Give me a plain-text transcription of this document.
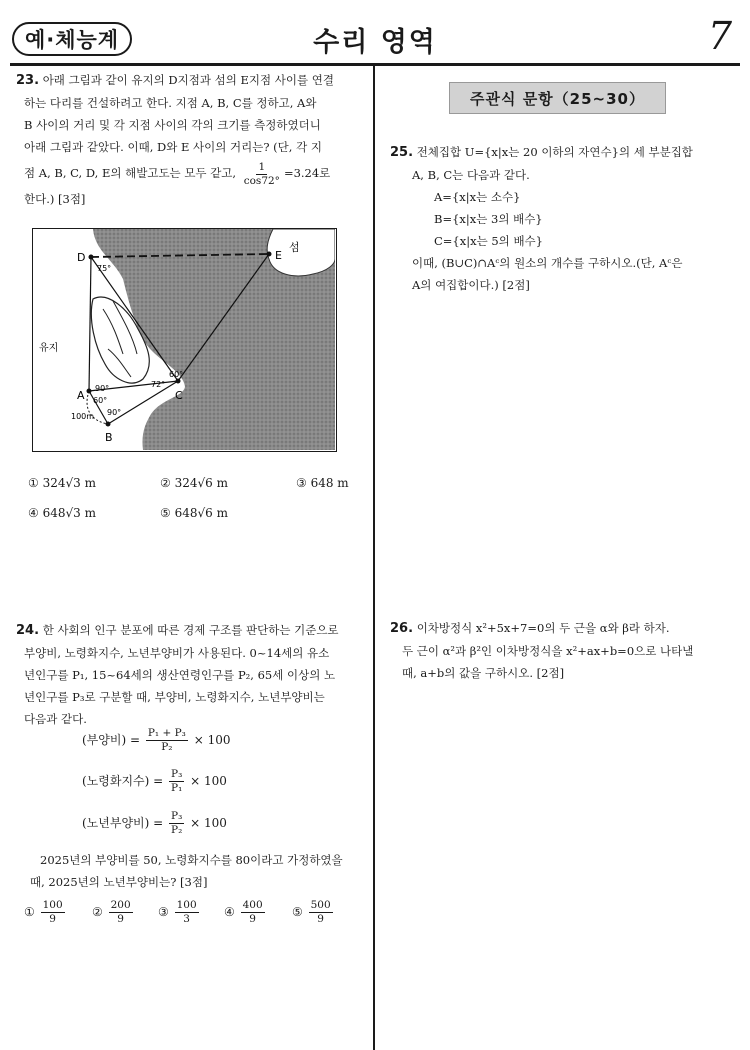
예·체능계	수리 영역	7
23. 아래 그림과 같이 유지의 D지점과 섬의 E지점 사이를 연결
하는 다리를 건설하려고 한다. 지점 A, B, C를 정하고, A와
B 사이의 거리 및 각 지점 사이의 각의 크기를 측정하였더니
아래 그림과 같았다. 이때, D와 E 사이의 거리는? (단, 각 지
점 A, B, C, D, E의 해발고도는 모두 같고, $\frac{1}{\cos 72^\circ} =3.24$로
한다.) [3점]
D	E
섬
유지
A
B
C
75°
90°
60°
90°
72°
60°
100m
① 324√3 m	② 324√6 m	③ 648 m
④ 648√3 m	⑤ 648√6 m
24. 한 사회의 인구 분포에 따른 경제 구조를 판단하는 기준으로
부양비, 노령화지수, 노년부양비가 사용된다. 0~14세의 유소
년인구를 P₁, 15~64세의 생산연령인구를 P₂, 65세 이상의 노
년인구를 P₃로 구분할 때, 부양비, 노령화지수, 노년부양비는
다음과 같다.
(부양비) = $\frac{\text{P₁ + P₃}}{\text{P₂}} \times 100$
(노령화지수) = $\frac{\text{P₃}}{\text{P₁}} \times 100$
(노년부양비) = $\frac{\text{P₃}}{\text{P₂}} \times 100$
2025년의 부양비를 50, 노령화지수를 80이라고 가정하였을
때, 2025년의 노년부양비는? [3점]
① $\frac{100}{9}$ ② $\frac{200}{9}$ ③ $\frac{100}{3}$ ④ $\frac{400}{9}$ ⑤ $\frac{500}{9}$
주관식 문항（25~30）
25. 전체집합 U={x|x는 20 이하의 자연수}의 세 부분집합
A, B, C는 다음과 같다.
A={x|x는 소수}
B={x|x는 3의 배수}
C={x|x는 5의 배수}
이때, (B∪C)∩Aᶜ의 원소의 개수를 구하시오.(단, Aᶜ은
A의 여집합이다.) [2점]
26. 이차방정식 x²+5x+7=0의 두 근을 α와 β라 하자.
두 근이 α²과 β²인 이차방정식을 x²+ax+b=0으로 나타낼
때, a+b의 값을 구하시오. [2점]
